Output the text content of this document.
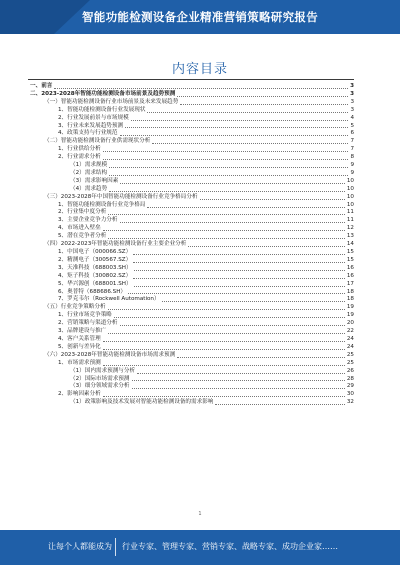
智能功能检测设备企业精准营销策略研究报告
内容目录
一、前言	3
二、2023-2028年智能功能检测设备市场前景及趋势预测	3
（一）智能功能检测设备行业市场前景及未来发展趋势	3
1、智能功能检测设备行业发展现状	3
2、行业发展前景与市场规模	4
3、行业未来发展趋势预测	5
4、政策支持与行业规范	6
（二）智能功能检测设备行业供需现状分析	7
1、行业供给分析	7
2、行业需求分析	8
（1）需求规模	9
（2）需求结构	9
（3）需求影响因素	10
（4）需求趋势	10
（三）2023-2028年中国智能功能检测设备行业竞争格局分析	10
1、智能功能检测设备行业竞争格局	10
2、行业集中度分析	11
3、主要企业竞争力分析	11
4、市场进入壁垒	12
5、潜在竞争者分析	13
（四）2022-2023年智能功能检测设备行业主要企业分析	14
1、中国电子（000066.SZ）	15
2、精测电子（300567.SZ）	15
3、天准科技（688003.SH）	16
4、矩子科技（300802.SZ）	16
5、华兴源创（688001.SH）	17
6、奥普特（688686.SH）	18
7、罗克韦尔（Rockwell Automation）	18
（五）行业竞争策略分析	19
1、行业市场竞争策略	19
2、营销策略与渠道分析	20
3、品牌建设与推广	22
4、客户关系管理	24
5、创新与差异化	24
（六）2023-2028年智能功能检测设备市场需求预测	25
1、市场需求预测	25
（1）国内需求预测与分析	26
（2）国际市场需求预测	28
（3）细分领域需求分析	29
2、影响因素分析	30
（1）政策影响及技术发展对智能功能检测设备的需求影响	32
1
让每个人都能成为 行业专家、管理专家、营销专家、战略专家、成功企业家……
